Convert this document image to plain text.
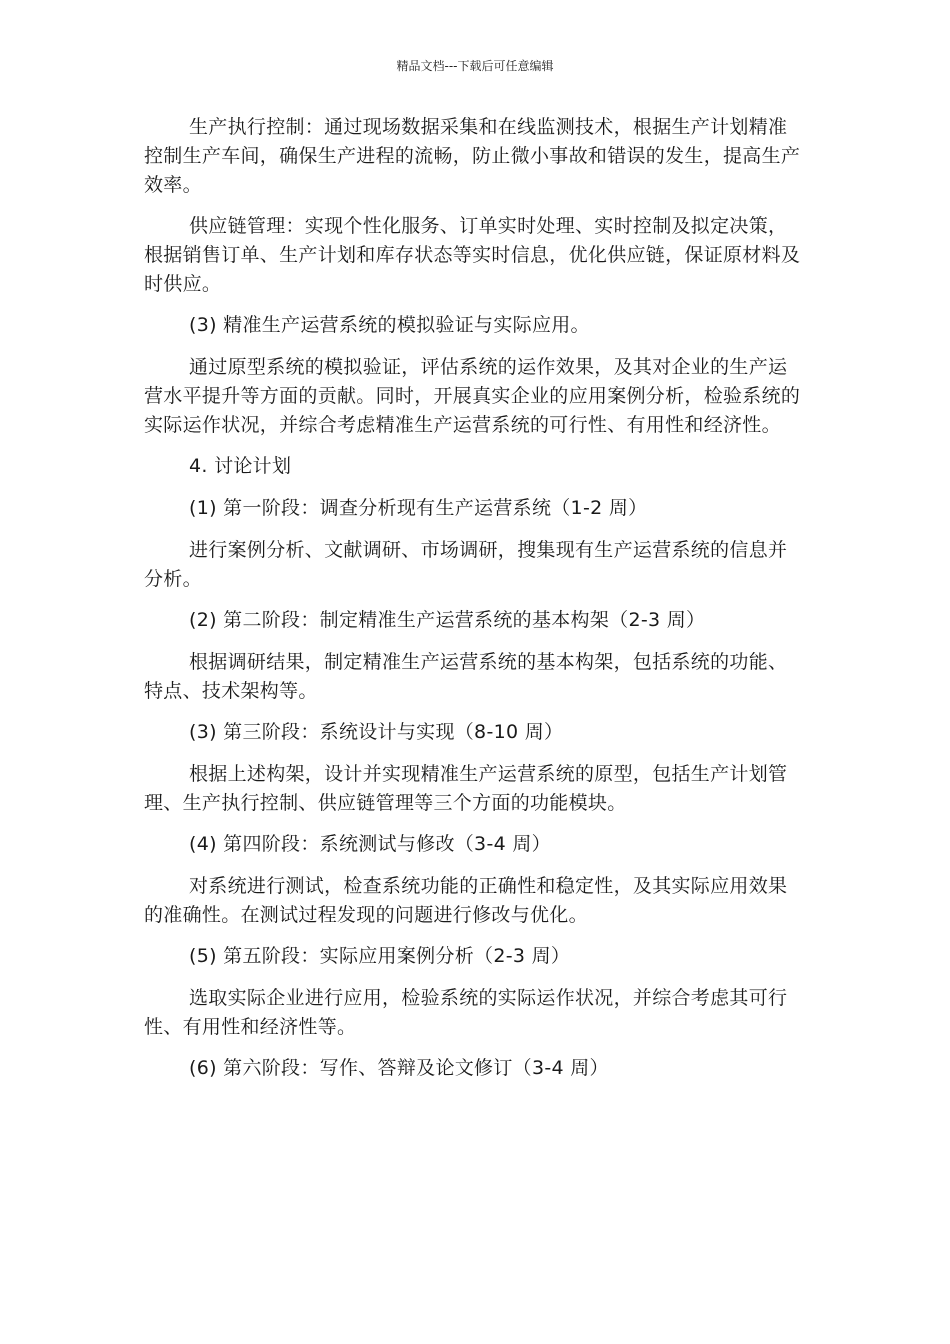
精品文档---下载后可任意编辑

生产执行控制：通过现场数据采集和在线监测技术，根据生产计划精准控制生产车间，确保生产进程的流畅，防止微小事故和错误的发生，提高生产效率。

供应链管理：实现个性化服务、订单实时处理、实时控制及拟定决策，根据销售订单、生产计划和库存状态等实时信息，优化供应链，保证原材料及时供应。

(3) 精准生产运营系统的模拟验证与实际应用。

通过原型系统的模拟验证，评估系统的运作效果，及其对企业的生产运营水平提升等方面的贡献。同时，开展真实企业的应用案例分析，检验系统的实际运作状况，并综合考虑精准生产运营系统的可行性、有用性和经济性。

4. 讨论计划

(1) 第一阶段：调查分析现有生产运营系统（1-2 周）

进行案例分析、文献调研、市场调研，搜集现有生产运营系统的信息并分析。

(2) 第二阶段：制定精准生产运营系统的基本构架（2-3 周）

根据调研结果，制定精准生产运营系统的基本构架，包括系统的功能、特点、技术架构等。

(3) 第三阶段：系统设计与实现（8-10 周）

根据上述构架，设计并实现精准生产运营系统的原型，包括生产计划管理、生产执行控制、供应链管理等三个方面的功能模块。

(4) 第四阶段：系统测试与修改（3-4 周）

对系统进行测试，检查系统功能的正确性和稳定性，及其实际应用效果的准确性。在测试过程发现的问题进行修改与优化。

(5) 第五阶段：实际应用案例分析（2-3 周）

选取实际企业进行应用，检验系统的实际运作状况，并综合考虑其可行性、有用性和经济性等。

(6) 第六阶段：写作、答辩及论文修订（3-4 周）
